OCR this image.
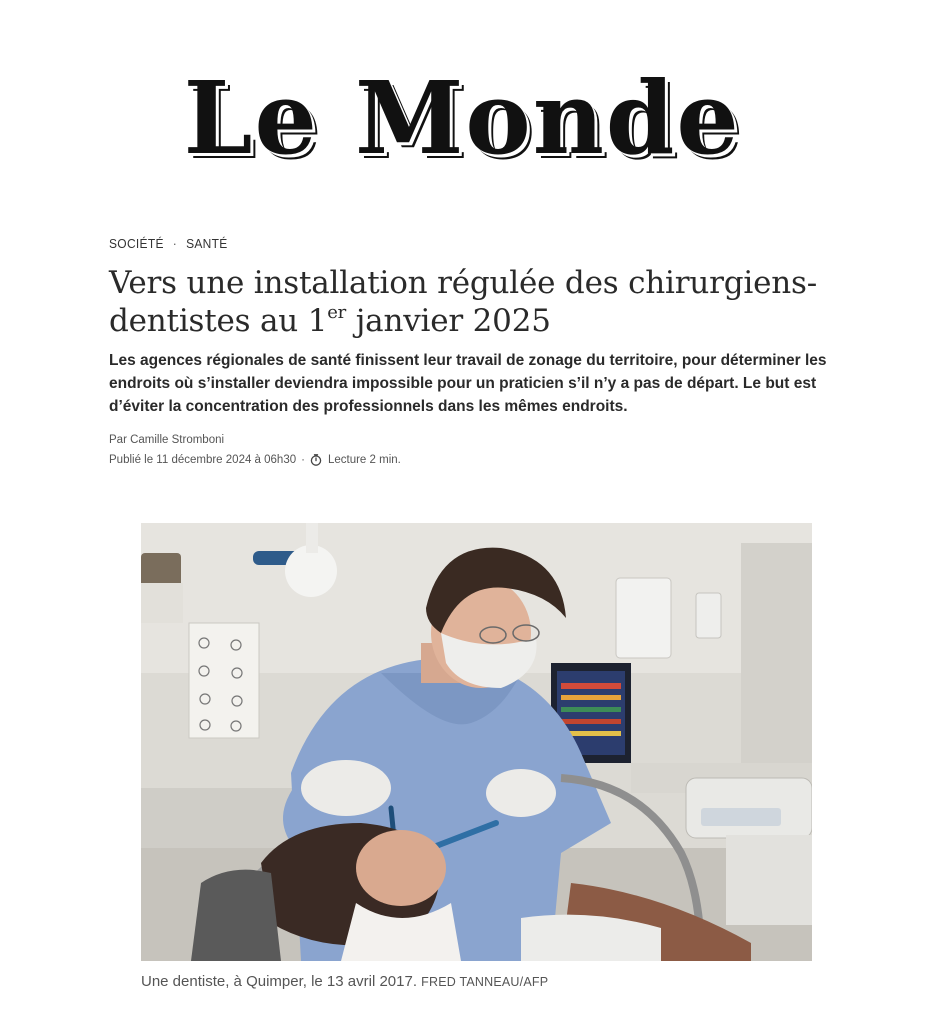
Le Monde
SOCIÉTÉ · SANTÉ
Vers une installation régulée des chirurgiens-dentistes au 1er janvier 2025

Les agences régionales de santé finissent leur travail de zonage du territoire, pour déterminer les endroits où s’installer deviendra impossible pour un praticien s’il n’y a pas de départ. Le but est d’éviter la concentration des professionnels dans les mêmes endroits.

Par Camille Stromboni
Publié le 11 décembre 2024 à 06h30 · Lecture 2 min.

Une dentiste, à Quimper, le 13 avril 2017. FRED TANNEAU/AFP
